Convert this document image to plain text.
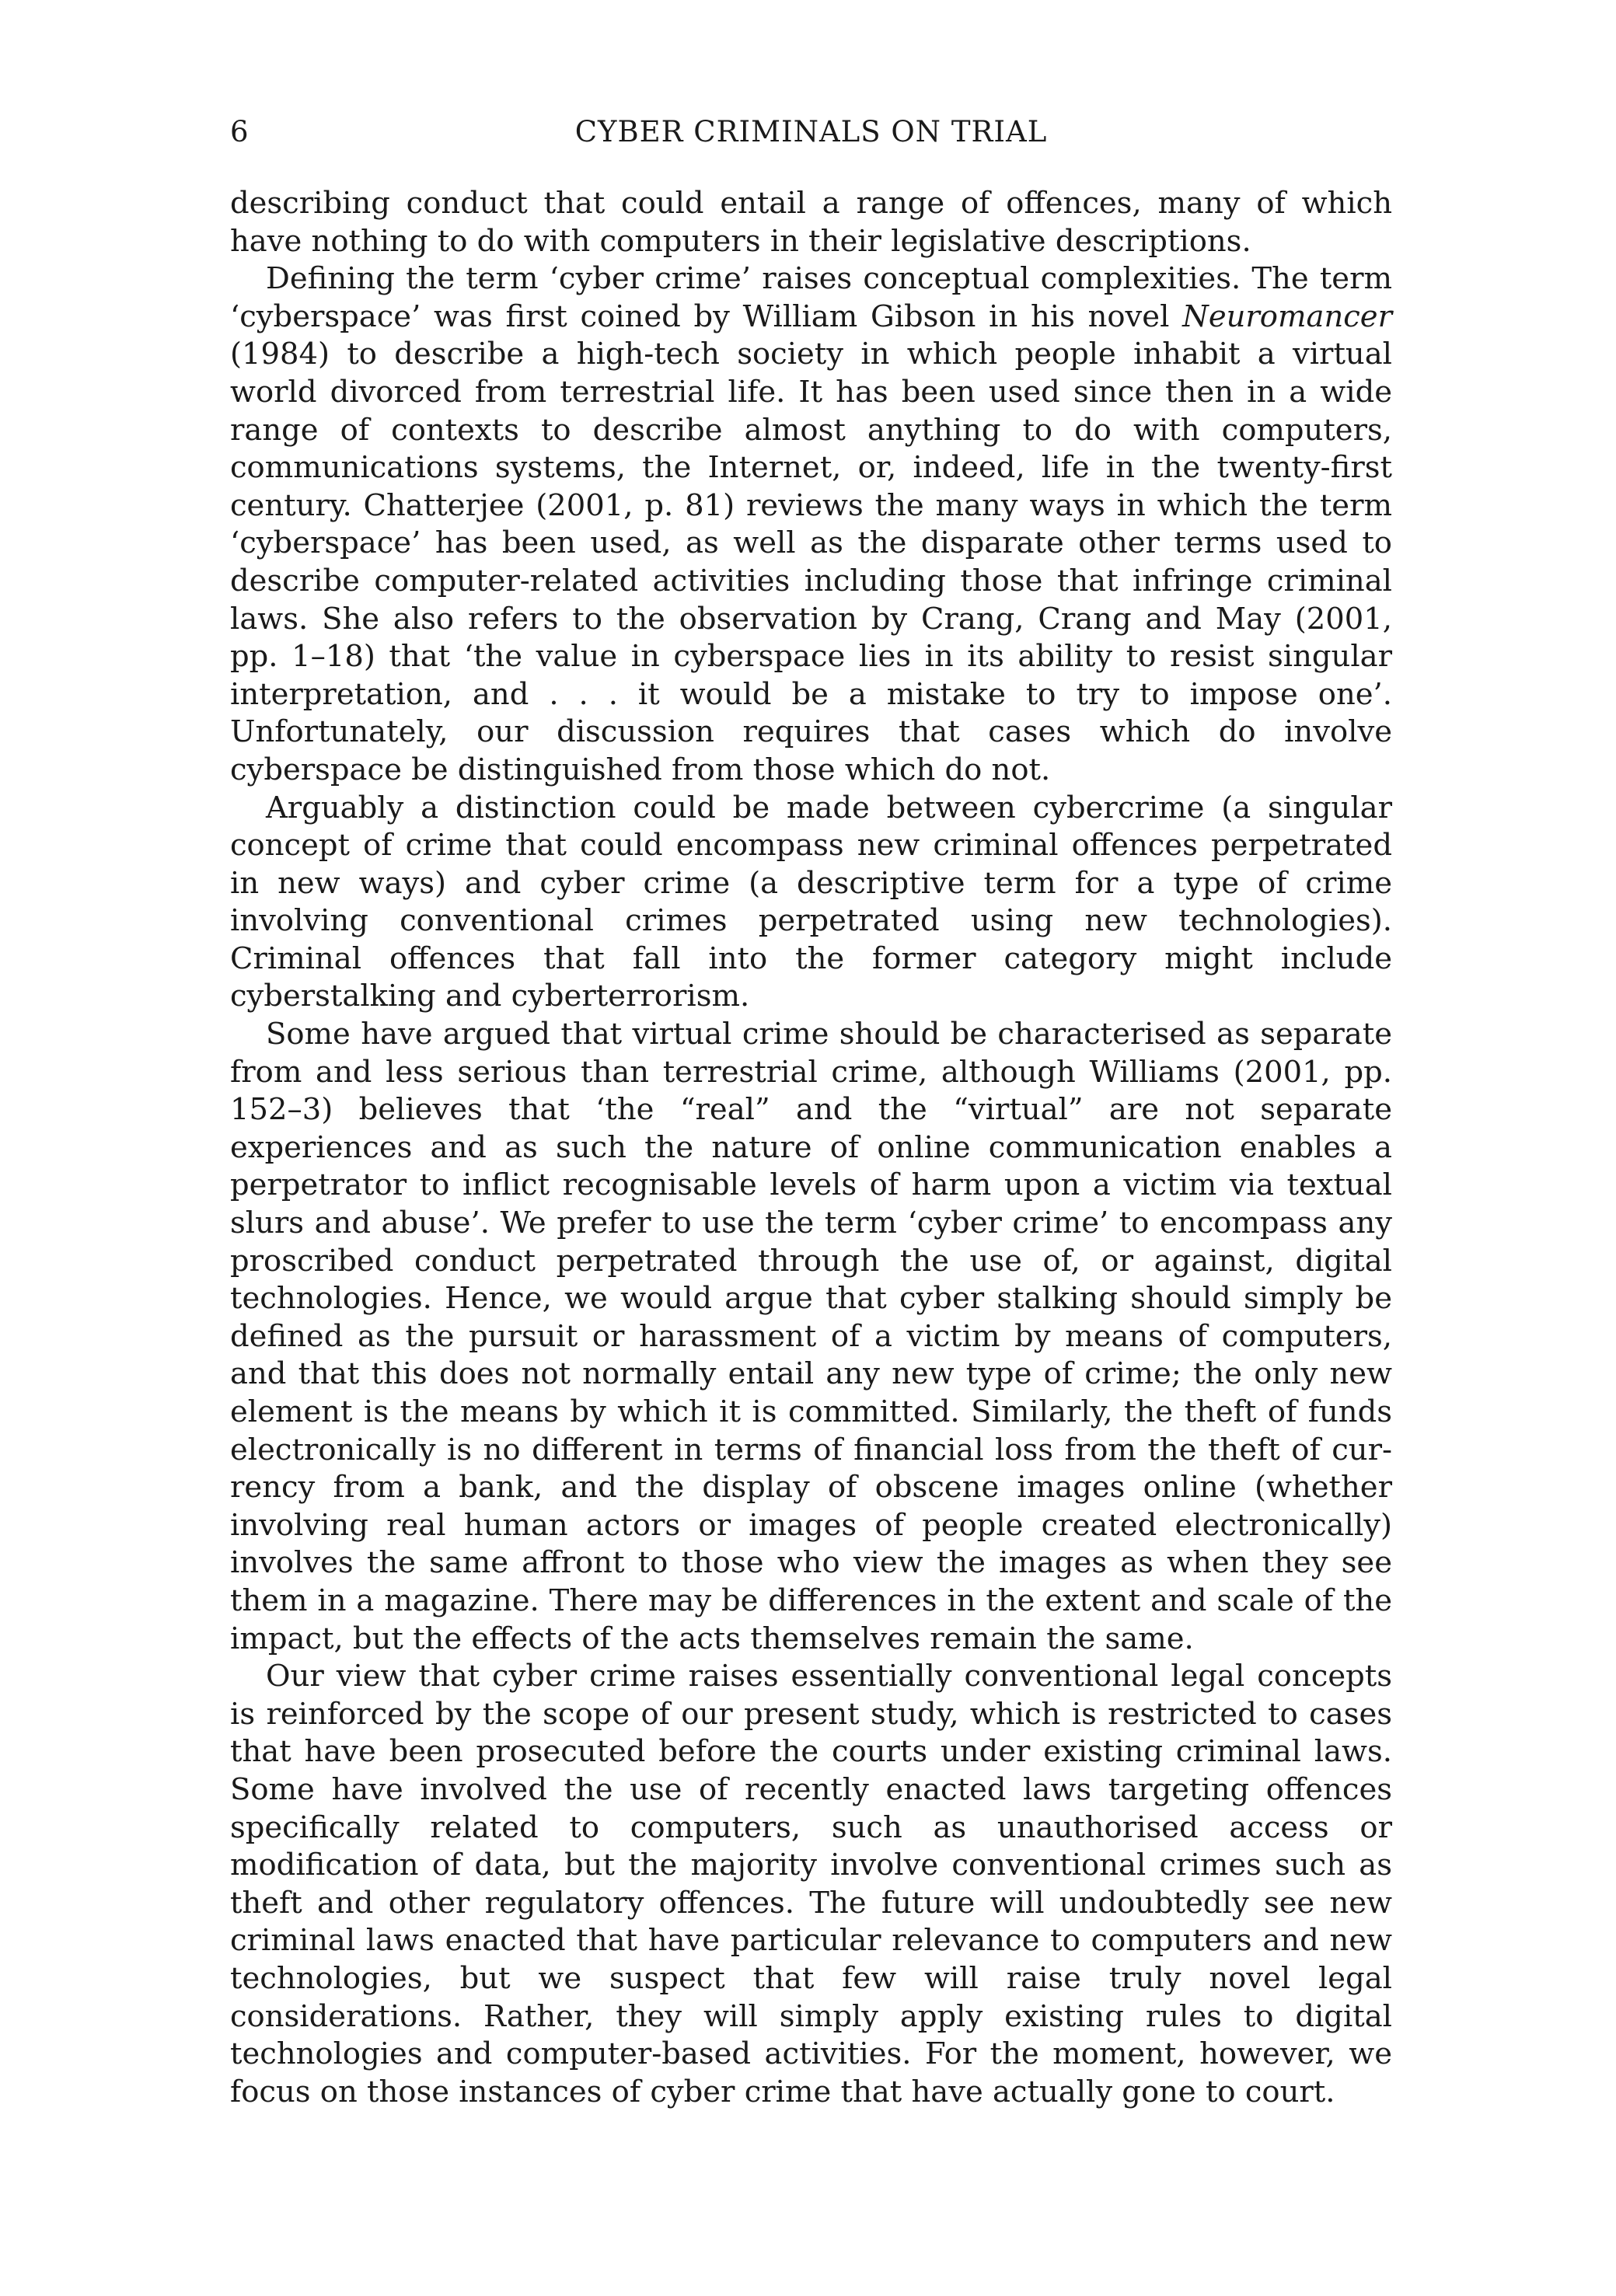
6	CYBER CRIMINALS ON TRIAL

describing conduct that could entail a range of offences, many of which have nothing to do with computers in their legislative descriptions.

Defining the term ‘cyber crime’ raises conceptual complexities. The term ‘cyberspace’ was first coined by William Gibson in his novel Neuromancer (1984) to describe a high-tech society in which people inhabit a virtual world divorced from terrestrial life. It has been used since then in a wide range of contexts to describe almost anything to do with computers, communications systems, the Internet, or, indeed, life in the twenty-first century. Chatterjee (2001, p. 81) reviews the many ways in which the term ‘cyberspace’ has been used, as well as the disparate other terms used to describe computer-related activities including those that infringe criminal laws. She also refers to the observation by Crang, Crang and May (2001, pp. 1–18) that ‘the value in cyberspace lies in its ability to resist singular interpretation, and . . . it would be a mistake to try to impose one’. Unfortunately, our discussion requires that cases which do involve cyberspace be distinguished from those which do not.

Arguably a distinction could be made between cybercrime (a singular concept of crime that could encompass new criminal offences perpetrated in new ways) and cyber crime (a descriptive term for a type of crime involving conventional crimes perpetrated using new technologies). Criminal offences that fall into the former category might include cyberstalking and cyberterrorism.

Some have argued that virtual crime should be characterised as separate from and less serious than terrestrial crime, although Williams (2001, pp. 152–3) believes that ‘the “real” and the “virtual” are not separate experiences and as such the nature of online communication enables a perpetrator to inflict recognisable levels of harm upon a victim via textual slurs and abuse’. We prefer to use the term ‘cyber crime’ to encompass any proscribed conduct perpetrated through the use of, or against, digital technologies. Hence, we would argue that cyber stalking should simply be defined as the pursuit or harassment of a victim by means of computers, and that this does not normally entail any new type of crime; the only new element is the means by which it is committed. Similarly, the theft of funds electronically is no different in terms of financial loss from the theft of currency from a bank, and the display of obscene images online (whether involving real human actors or images of people created electronically) involves the same affront to those who view the images as when they see them in a magazine. There may be differences in the extent and scale of the impact, but the effects of the acts themselves remain the same.

Our view that cyber crime raises essentially conventional legal concepts is reinforced by the scope of our present study, which is restricted to cases that have been prosecuted before the courts under existing criminal laws. Some have involved the use of recently enacted laws targeting offences specifically related to computers, such as unauthorised access or modification of data, but the majority involve conventional crimes such as theft and other regulatory offences. The future will undoubtedly see new criminal laws enacted that have particular relevance to computers and new technologies, but we suspect that few will raise truly novel legal considerations. Rather, they will simply apply existing rules to digital technologies and computer-based activities. For the moment, however, we focus on those instances of cyber crime that have actually gone to court.
